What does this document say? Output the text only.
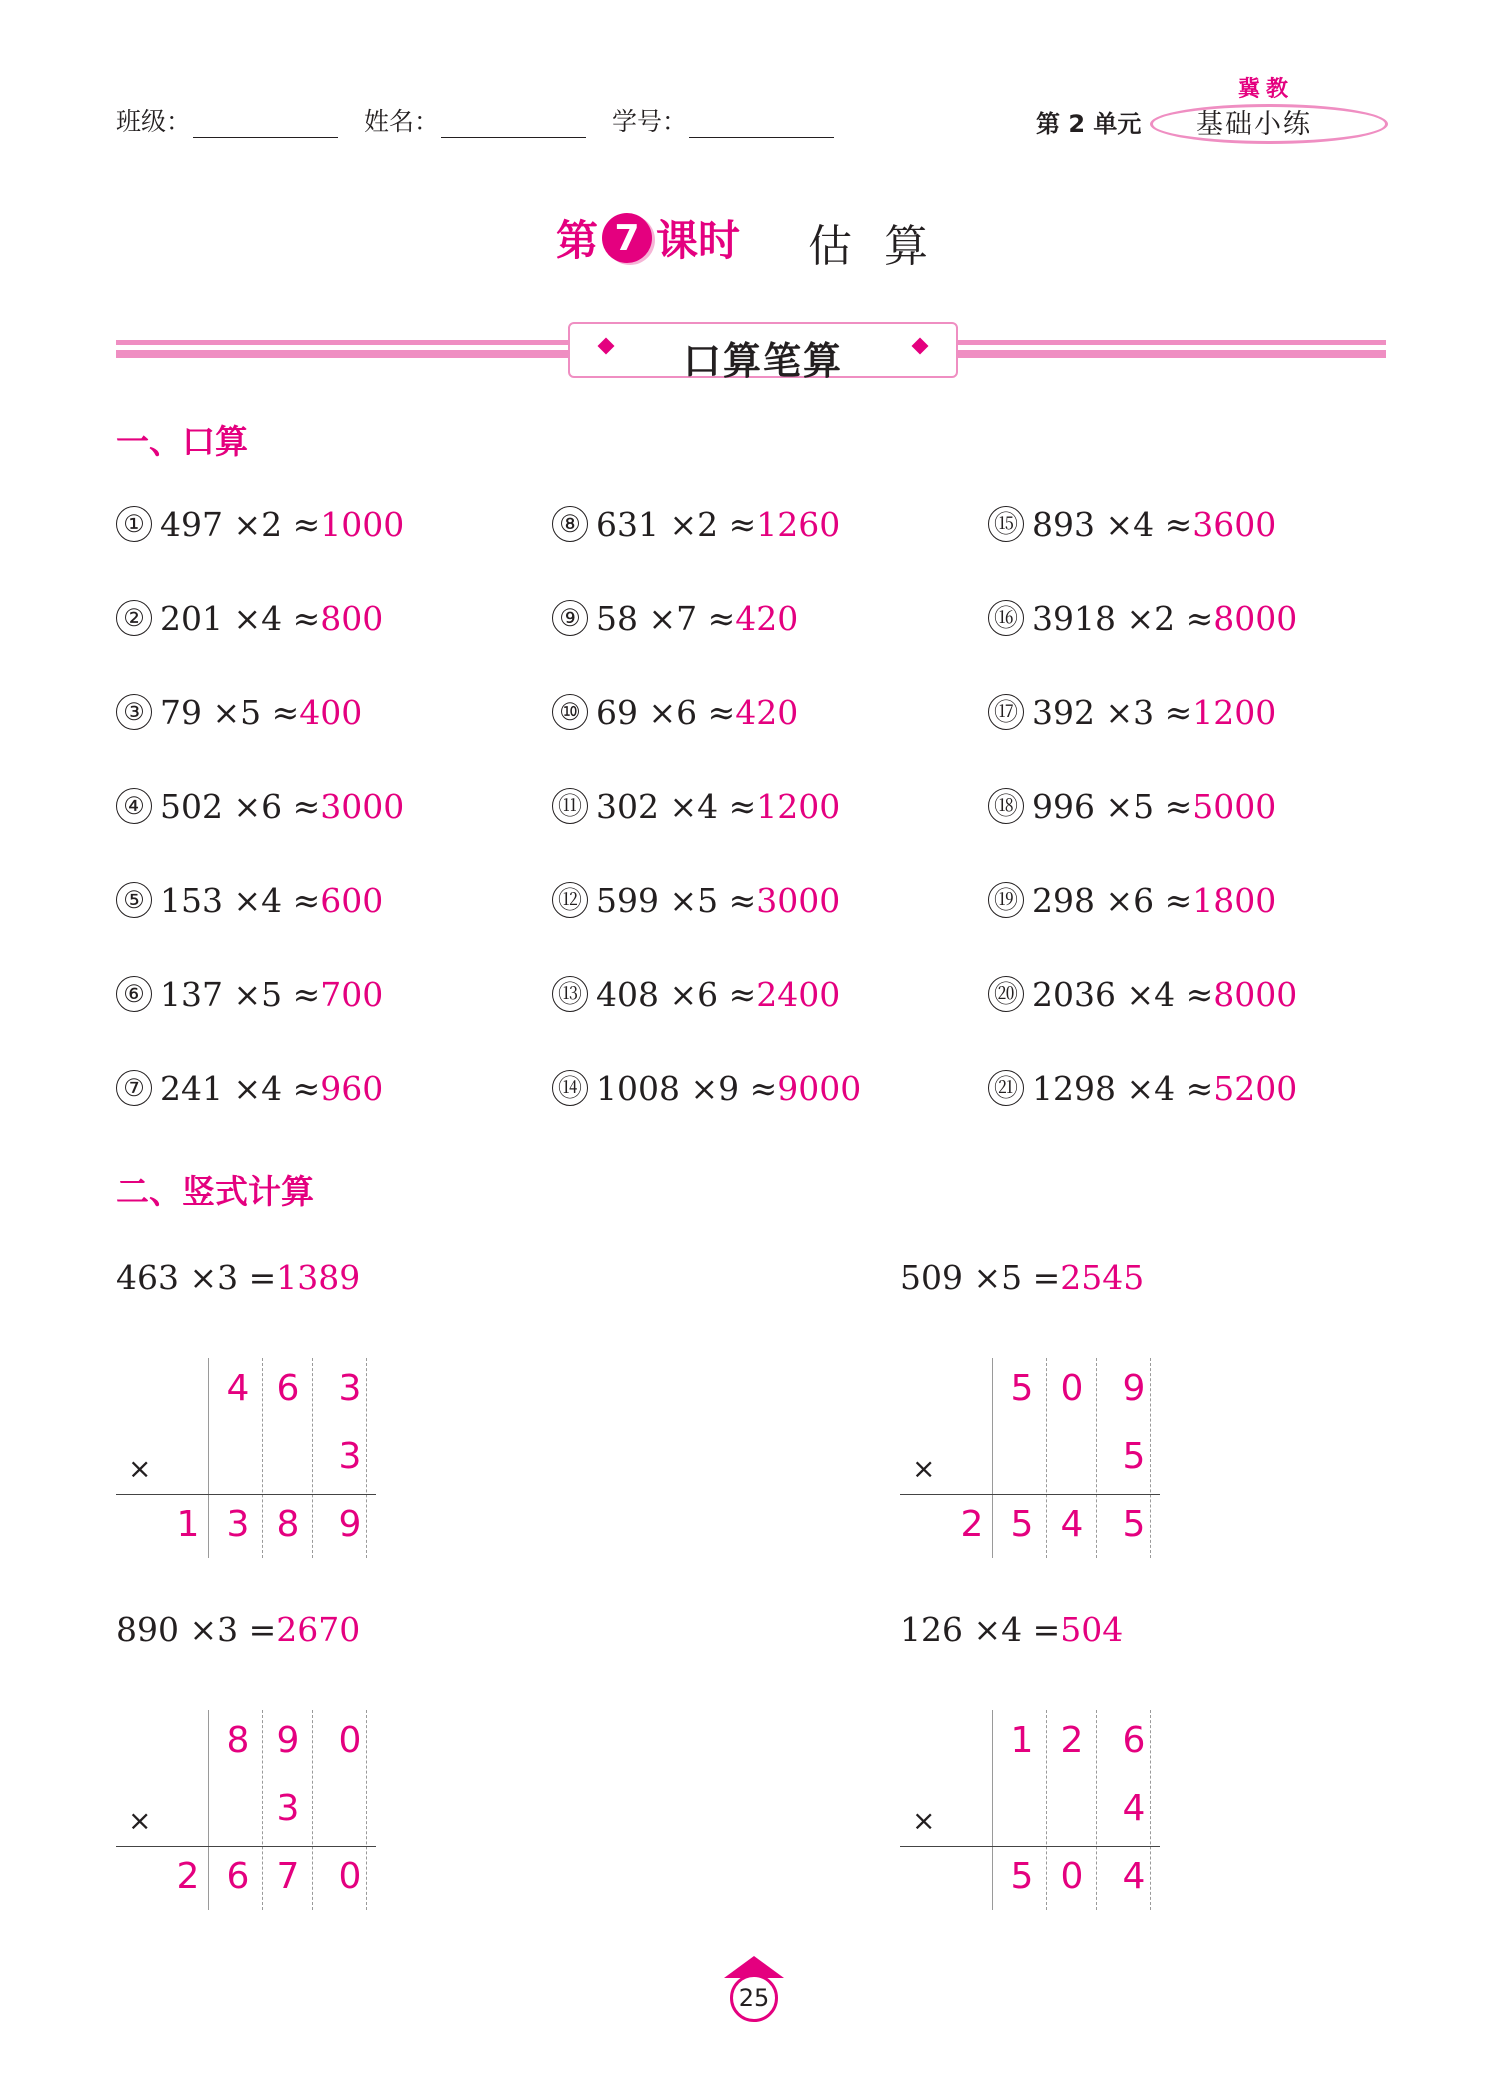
班级：	姓名：	学号：	第 2 单元
冀教
基础小练
第 7 课时 估算
口算笔算
一、口算
① 497 ×2 ≈1000
② 201 ×4 ≈800
③ 79 ×5 ≈400
④ 502 ×6 ≈3000
⑤ 153 ×4 ≈600
⑥ 137 ×5 ≈700
⑦ 241 ×4 ≈960
⑧ 631 ×2 ≈1260
⑨ 58 ×7 ≈420
⑩ 69 ×6 ≈420
⑪ 302 ×4 ≈1200
⑫ 599 ×5 ≈3000
⑬ 408 ×6 ≈2400
⑭ 1008 ×9 ≈9000
⑮ 893 ×4 ≈3600
⑯ 3918 ×2 ≈8000
⑰ 392 ×3 ≈1200
⑱ 996 ×5 ≈5000
⑲ 298 ×6 ≈1800
⑳ 2036 ×4 ≈8000
㉑ 1298 ×4 ≈5200
二、竖式计算
463 ×3 =1389
×
4 6 3
3
1 3 8 9
509 ×5 =2545
×
5 0 9
5
2 5 4 5
890 ×3 =2670
×
8 9 0
3
2 6 7 0
126 ×4 =504
×
1 2 6
4
5 0 4
25
